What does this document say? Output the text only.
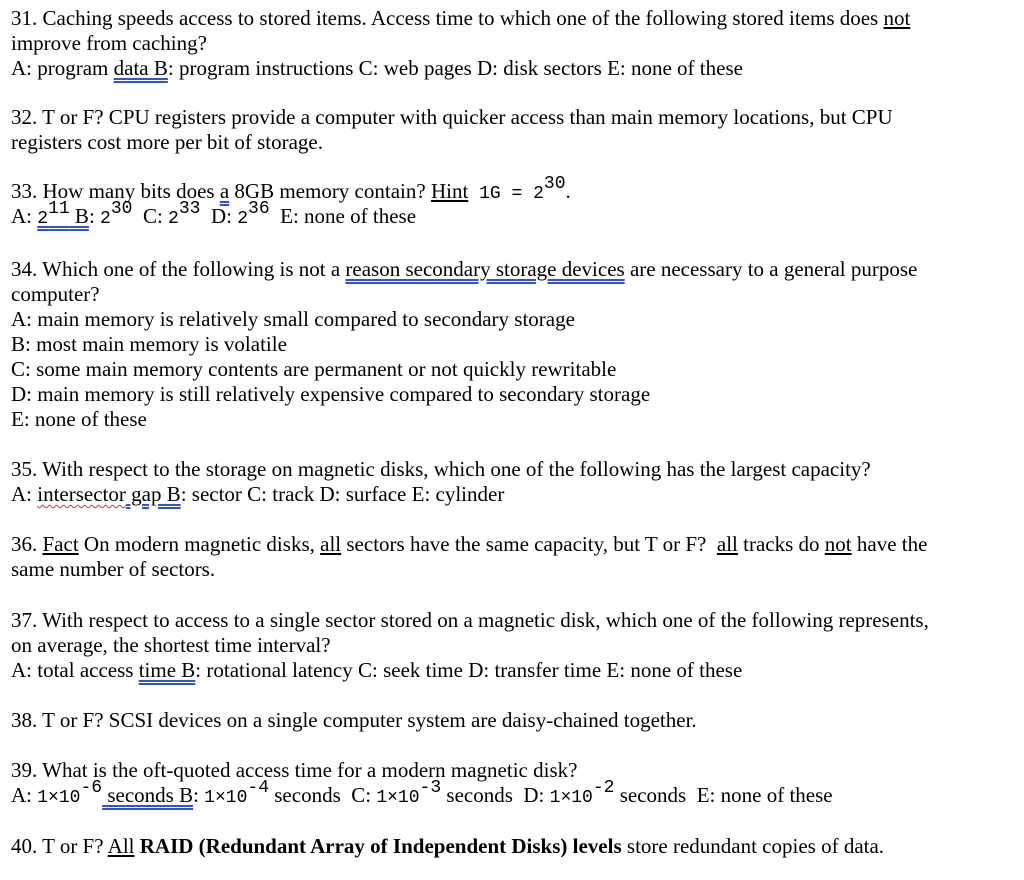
31. Caching speeds access to stored items. Access time to which one of the following stored items does not
improve from caching?
A: program data B: program instructions C: web pages D: disk sectors E: none of these
32. T or F? CPU registers provide a computer with quicker access than main memory locations, but CPU
registers cost more per bit of storage.
33. How many bits does a 8GB memory contain? Hint $1G = 2^{30}$.
A: $2^{11}$ B: $2^{30}$  C: $2^{33}$  D: $2^{36}$  E: none of these
34. Which one of the following is not a reason secondary storage devices are necessary to a general purpose
computer?
A: main memory is relatively small compared to secondary storage
B: most main memory is volatile
C: some main memory contents are permanent or not quickly rewritable
D: main memory is still relatively expensive compared to secondary storage
E: none of these
35. With respect to the storage on magnetic disks, which one of the following has the largest capacity?
A: intersector gap B: sector C: track D: surface E: cylinder
36. Fact On modern magnetic disks, all sectors have the same capacity, but T or F?  all tracks do not have the
same number of sectors.
37. With respect to access to a single sector stored on a magnetic disk, which one of the following represents,
on average, the shortest time interval?
A: total access time B: rotational latency C: seek time D: transfer time E: none of these
38. T or F? SCSI devices on a single computer system are daisy-chained together.
39. What is the oft-quoted access time for a modern magnetic disk?
A: $1\times 10^{-6}$ seconds B: $1\times 10^{-4}$ seconds  C: $1\times 10^{-3}$ seconds  D: $1\times 10^{-2}$ seconds  E: none of these
40. T or F? All RAID (Redundant Array of Independent Disks) levels store redundant copies of data.
